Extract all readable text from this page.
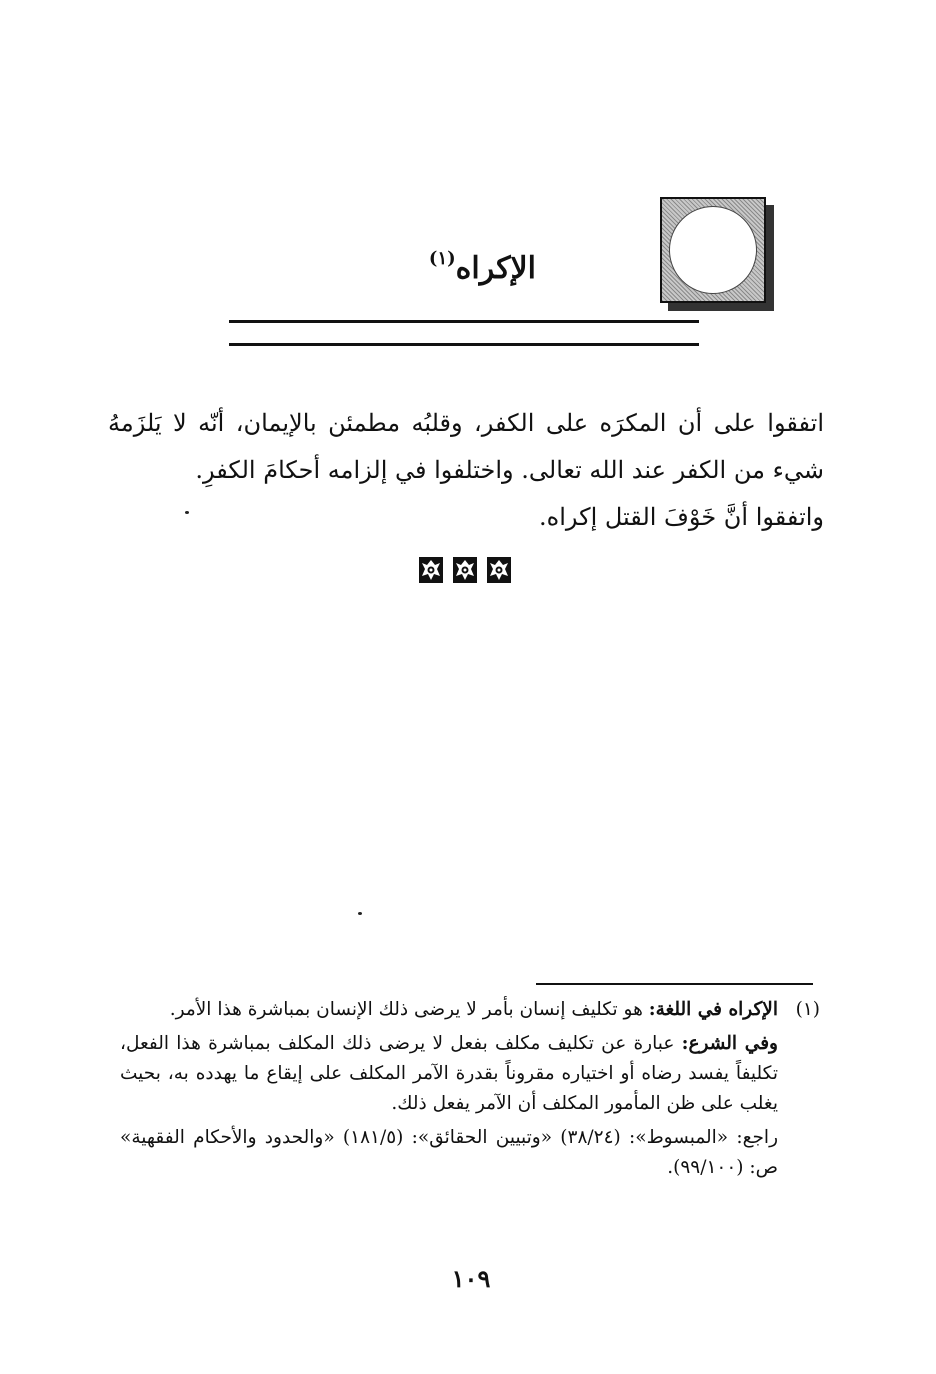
الإكراه$^{(١)}$

اتفقوا على أن المكرَه على الكفر، وقلبُه مطمئن بالإيمان، أنّه لا يَلزَمهُ شيء من الكفر عند الله تعالى. واختلفوا في إلزامه أحكامَ الكفرِ.

واتفقوا أنَّ خَوْفَ القتل إكراه.

(١)

الإكراه في اللغة: هو تكليف إنسان بأمر لا يرضى ذلك الإنسان بمباشرة هذا الأمر.

وفي الشرع: عبارة عن تكليف مكلف بفعل لا يرضى ذلك المكلف بمباشرة هذا الفعل، تكليفاً يفسد رضاه أو اختياره مقروناً بقدرة الآمر المكلف على إيقاع ما يهدده به، بحيث يغلب على ظن المأمور المكلف أن الآمر يفعل ذلك.

راجع: «المبسوط»: (٣٨/٢٤) «وتبيين الحقائق»: (١٨١/٥) «والحدود والأحكام الفقهية» ص: (٩٩/١٠٠).

١٠٩
